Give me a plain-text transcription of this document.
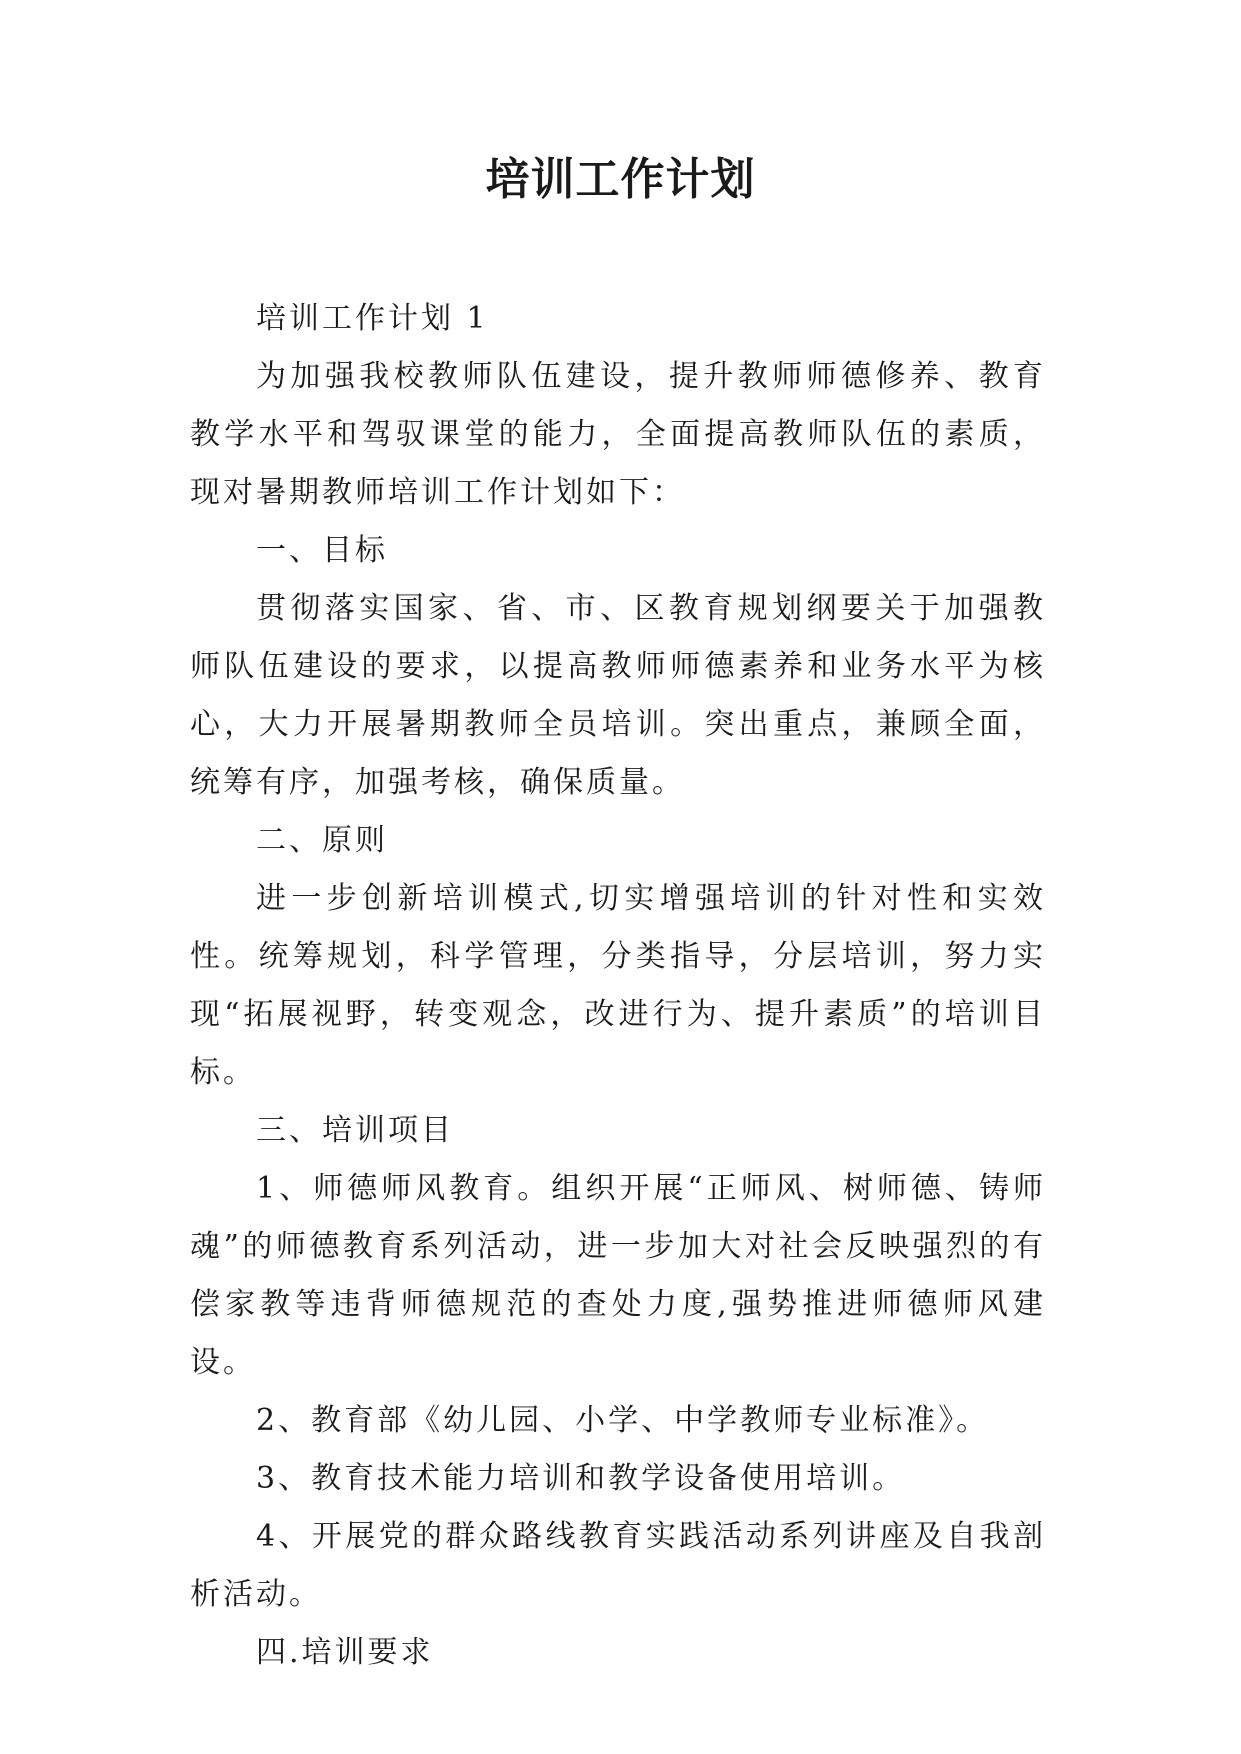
培训工作计划

培训工作计划 1

为加强我校教师队伍建设，提升教师师德修养、教育教学水平和驾驭课堂的能力，全面提高教师队伍的素质，现对暑期教师培训工作计划如下：

一、目标

贯彻落实国家、省、市、区教育规划纲要关于加强教师队伍建设的要求，以提高教师师德素养和业务水平为核心，大力开展暑期教师全员培训。突出重点，兼顾全面，统筹有序，加强考核，确保质量。

二、原则

进一步创新培训模式,切实增强培训的针对性和实效性。统筹规划，科学管理，分类指导，分层培训，努力实现“拓展视野，转变观念，改进行为、提升素质”的培训目标。

三、培训项目

1、师德师风教育。组织开展“正师风、树师德、铸师魂”的师德教育系列活动，进一步加大对社会反映强烈的有偿家教等违背师德规范的查处力度,强势推进师德师风建设。

2、教育部《幼儿园、小学、中学教师专业标准》。

3、教育技术能力培训和教学设备使用培训。

4、开展党的群众路线教育实践活动系列讲座及自我剖析活动。

四.培训要求
